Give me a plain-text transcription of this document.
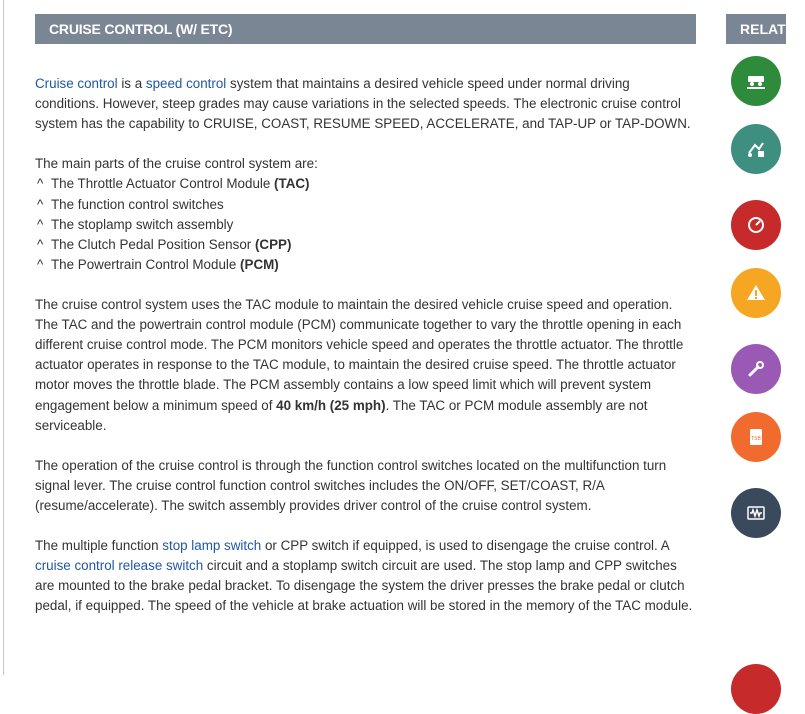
CRUISE CONTROL (W/ ETC)

Cruise control is a speed control system that maintains a desired vehicle speed under normal driving conditions. However, steep grades may cause variations in the selected speeds. The electronic cruise control system has the capability to CRUISE, COAST, RESUME SPEED, ACCELERATE, and TAP-UP or TAP-DOWN.

The main parts of the cruise control system are:

^ The Throttle Actuator Control Module (TAC)
^ The function control switches
^ The stoplamp switch assembly
^ The Clutch Pedal Position Sensor (CPP)
^ The Powertrain Control Module (PCM)

The cruise control system uses the TAC module to maintain the desired vehicle cruise speed and operation. The TAC and the powertrain control module (PCM) communicate together to vary the throttle opening in each different cruise control mode. The PCM monitors vehicle speed and operates the throttle actuator. The throttle actuator operates in response to the TAC module, to maintain the desired cruise speed. The throttle actuator motor moves the throttle blade. The PCM assembly contains a low speed limit which will prevent system engagement below a minimum speed of 40 km/h (25 mph). The TAC or PCM module assembly are not serviceable.

The operation of the cruise control is through the function control switches located on the multifunction turn signal lever. The cruise control function control switches includes the ON/OFF, SET/COAST, R/A (resume/accelerate). The switch assembly provides driver control of the cruise control system.

The multiple function stop lamp switch or CPP switch if equipped, is used to disengage the cruise control. A cruise control release switch circuit and a stoplamp switch circuit are used. The stop lamp and CPP switches are mounted to the brake pedal bracket. To disengage the system the driver presses the brake pedal or clutch pedal, if equipped. The speed of the vehicle at brake actuation will be stored in the memory of the TAC module.

RELATED
TSB
